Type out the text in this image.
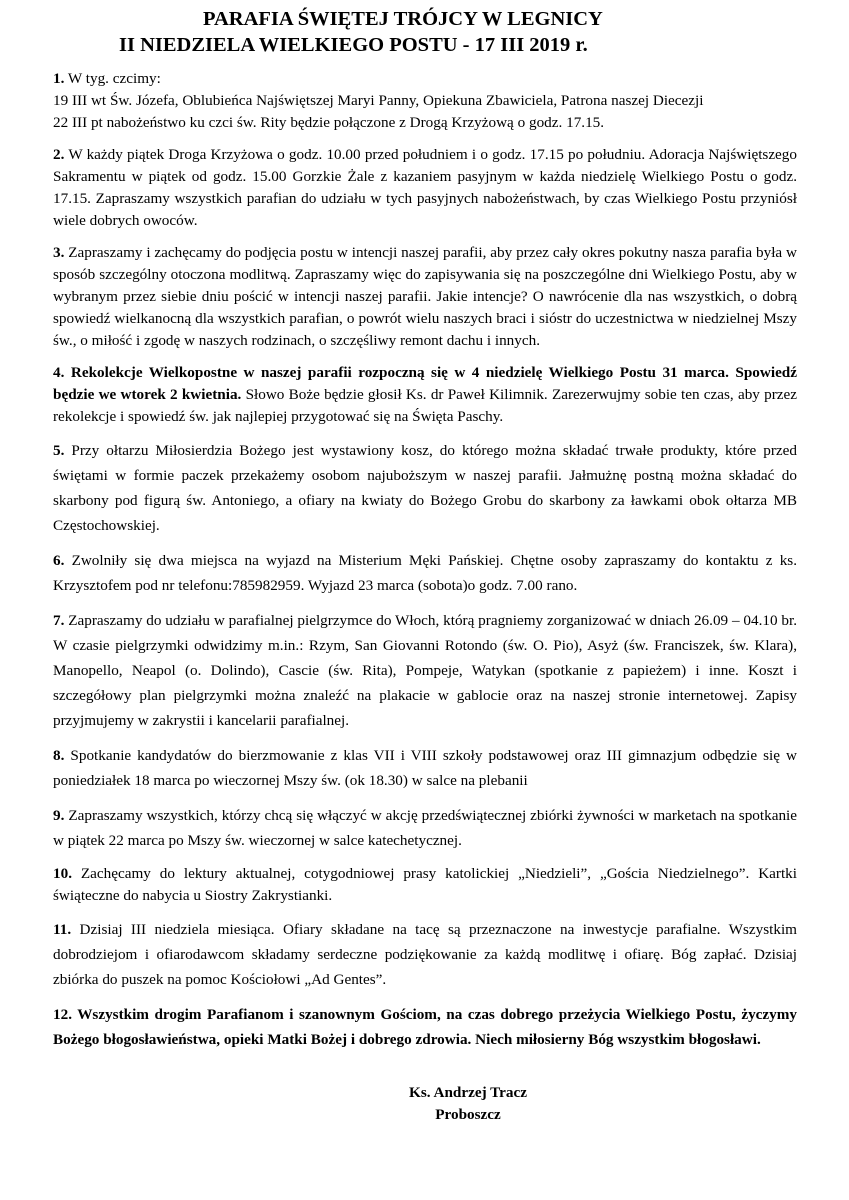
PARAFIA ŚWIĘTEJ TRÓJCY W LEGNICY
II NIEDZIELA WIELKIEGO POSTU - 17 III 2019 r.

1. W tyg. czcimy:

19 III wt Św. Józefa, Oblubieńca Najświętszej Maryi Panny, Opiekuna Zbawiciela, Patrona naszej Diecezji

22 III pt nabożeństwo ku czci św. Rity będzie połączone z Drogą Krzyżową o godz. 17.15.

2. W każdy piątek Droga Krzyżowa o godz. 10.00 przed południem i o godz. 17.15 po południu. Adoracja Najświętszego Sakramentu w piątek od godz. 15.00 Gorzkie Żale z kazaniem pasyjnym w każda niedzielę Wielkiego Postu o godz. 17.15. Zapraszamy wszystkich parafian do udziału w tych pasyjnych nabożeństwach, by czas Wielkiego Postu przyniósł wiele dobrych owoców.

3. Zapraszamy i zachęcamy do podjęcia postu w intencji naszej parafii, aby przez cały okres pokutny nasza parafia była w sposób szczególny otoczona modlitwą. Zapraszamy więc do zapisywania się na poszczególne dni Wielkiego Postu, aby w wybranym przez siebie dniu pościć w intencji naszej parafii. Jakie intencje? O nawrócenie dla nas wszystkich, o dobrą spowiedź wielkanocną dla wszystkich parafian, o powrót wielu naszych braci i sióstr do uczestnictwa w niedzielnej Mszy św., o miłość i zgodę w naszych rodzinach, o szczęśliwy remont dachu i innych.

4. Rekolekcje Wielkopostne w naszej parafii rozpoczną się w 4 niedzielę Wielkiego Postu 31 marca. Spowiedź będzie we wtorek 2 kwietnia. Słowo Boże będzie głosił Ks. dr Paweł Kilimnik. Zarezerwujmy sobie ten czas, aby przez rekolekcje i spowiedź św. jak najlepiej przygotować się na Święta Paschy.

5. Przy ołtarzu Miłosierdzia Bożego jest wystawiony kosz, do którego można składać trwałe produkty, które przed świętami w formie paczek przekażemy osobom najuboższym w naszej parafii. Jałmużnę postną można składać do skarbony pod figurą św. Antoniego, a ofiary na kwiaty do Bożego Grobu do skarbony za ławkami obok ołtarza MB Częstochowskiej.

6. Zwolniły się dwa miejsca na wyjazd na Misterium Męki Pańskiej. Chętne osoby zapraszamy do kontaktu z ks. Krzysztofem pod nr telefonu:785982959. Wyjazd 23 marca (sobota)o godz. 7.00 rano.

7. Zapraszamy do udziału w parafialnej pielgrzymce do Włoch, którą pragniemy zorganizować w dniach 26.09 – 04.10 br. W czasie pielgrzymki odwidzimy m.in.: Rzym, San Giovanni Rotondo (św. O. Pio), Asyż (św. Franciszek, św. Klara), Manopello, Neapol (o. Dolindo), Cascie (św. Rita), Pompeje, Watykan (spotkanie z papieżem) i inne. Koszt i szczegółowy plan pielgrzymki można znaleźć na plakacie w gablocie oraz na naszej stronie internetowej. Zapisy przyjmujemy w zakrystii i kancelarii parafialnej.

8. Spotkanie kandydatów do bierzmowanie z klas VII i VIII szkoły podstawowej oraz III gimnazjum odbędzie się w poniedziałek 18 marca po wieczornej Mszy św. (ok 18.30) w salce na plebanii

9. Zapraszamy wszystkich, którzy chcą się włączyć w akcję przedświątecznej zbiórki żywności w marketach na spotkanie w piątek 22 marca po Mszy św. wieczornej w salce katechetycznej.

10. Zachęcamy do lektury aktualnej, cotygodniowej prasy katolickiej „Niedzieli”, „Gościa Niedzielnego”. Kartki świąteczne do nabycia u Siostry Zakrystianki.

11. Dzisiaj III niedziela miesiąca. Ofiary składane na tacę są przeznaczone na inwestycje parafialne. Wszystkim dobrodziejom i ofiarodawcom składamy serdeczne podziękowanie za każdą modlitwę i ofiarę. Bóg zapłać. Dzisiaj zbiórka do puszek na pomoc Kościołowi „Ad Gentes”.

12. Wszystkim drogim Parafianom i szanownym Gościom, na czas dobrego przeżycia Wielkiego Postu, życzymy Bożego błogosławieństwa, opieki Matki Bożej i dobrego zdrowia. Niech miłosierny Bóg wszystkim błogosławi.
Ks. Andrzej Tracz
Proboszcz
